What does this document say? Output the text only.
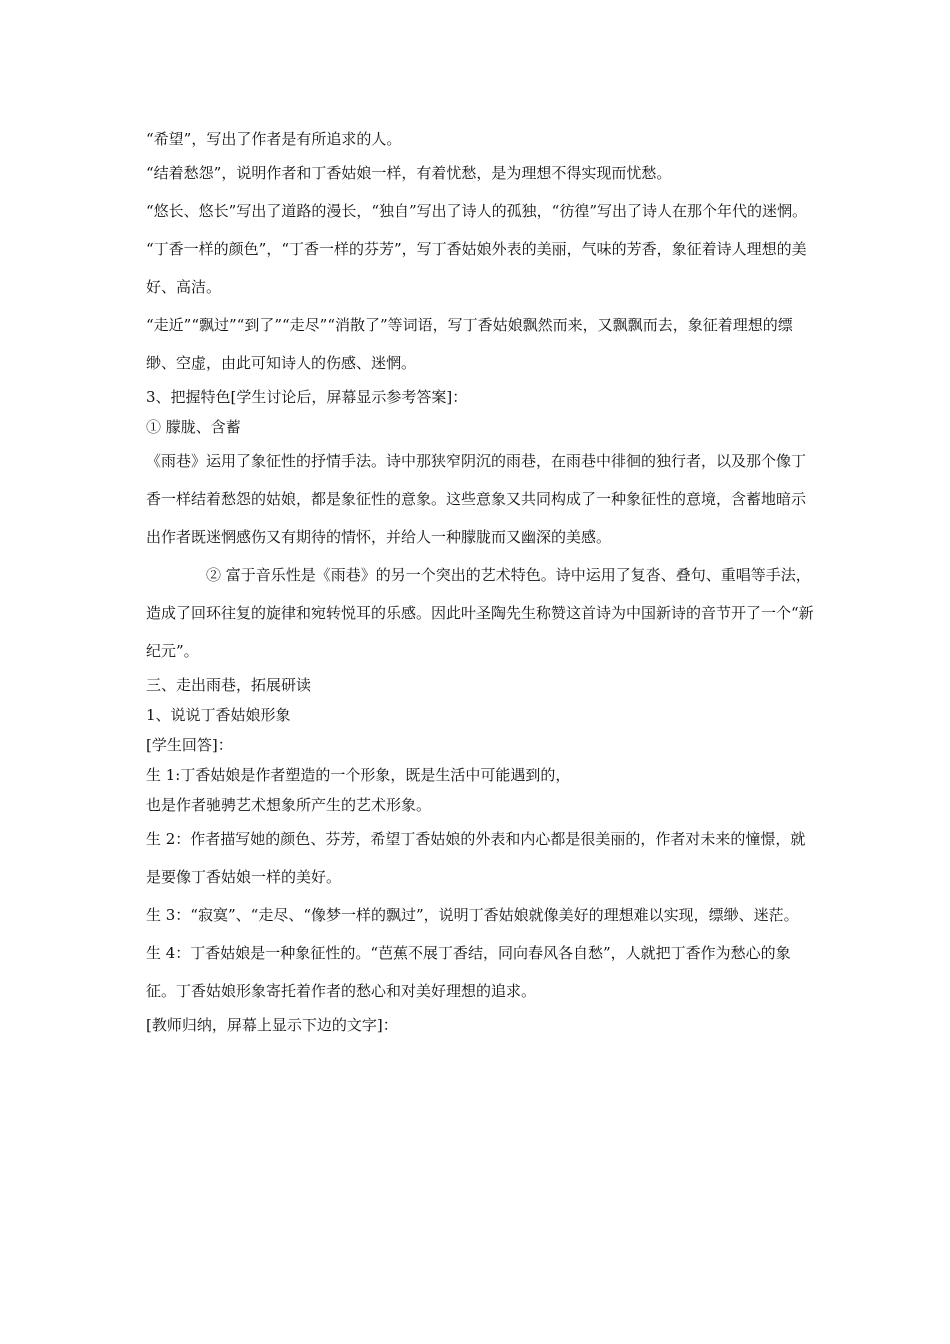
“希望”，写出了作者是有所追求的人。

“结着愁怨”，说明作者和丁香姑娘一样，有着忧愁，是为理想不得实现而忧愁。

“悠长、悠长”写出了道路的漫长，“独自”写出了诗人的孤独，“彷徨”写出了诗人在那个年代的迷惘。

“丁香一样的颜色”，“丁香一样的芬芳”，写丁香姑娘外表的美丽，气味的芳香，象征着诗人理想的美好、高洁。

“走近”“飘过”“到了”“走尽”“消散了”等词语，写丁香姑娘飘然而来，又飘飘而去，象征着理想的缥缈、空虚，由此可知诗人的伤感、迷惘。

3、把握特色[学生讨论后，屏幕显示参考答案]：

① 朦胧、含蓄

《雨巷》运用了象征性的抒情手法。诗中那狭窄阴沉的雨巷，在雨巷中徘徊的独行者，以及那个像丁香一样结着愁怨的姑娘，都是象征性的意象。这些意象又共同构成了一种象征性的意境，含蓄地暗示出作者既迷惘感伤又有期待的情怀，并给人一种朦胧而又幽深的美感。

② 富于音乐性是《雨巷》的另一个突出的艺术特色。诗中运用了复沓、叠句、重唱等手法，造成了回环往复的旋律和宛转悦耳的乐感。因此叶圣陶先生称赞这首诗为中国新诗的音节开了一个“新纪元”。

三、走出雨巷，拓展研读

1、说说丁香姑娘形象

[学生回答]：

生 1:丁香姑娘是作者塑造的一个形象，既是生活中可能遇到的，

也是作者驰骋艺术想象所产生的艺术形象。

生 2：作者描写她的颜色、芬芳，希望丁香姑娘的外表和内心都是很美丽的，作者对未来的憧憬，就是要像丁香姑娘一样的美好。

生 3：“寂寞”、“走尽、“像梦一样的飘过”，说明丁香姑娘就像美好的理想难以实现，缥缈、迷茫。

生 4：丁香姑娘是一种象征性的。“芭蕉不展丁香结，同向春风各自愁”，人就把丁香作为愁心的象征。丁香姑娘形象寄托着作者的愁心和对美好理想的追求。

[教师归纳，屏幕上显示下边的文字]：
